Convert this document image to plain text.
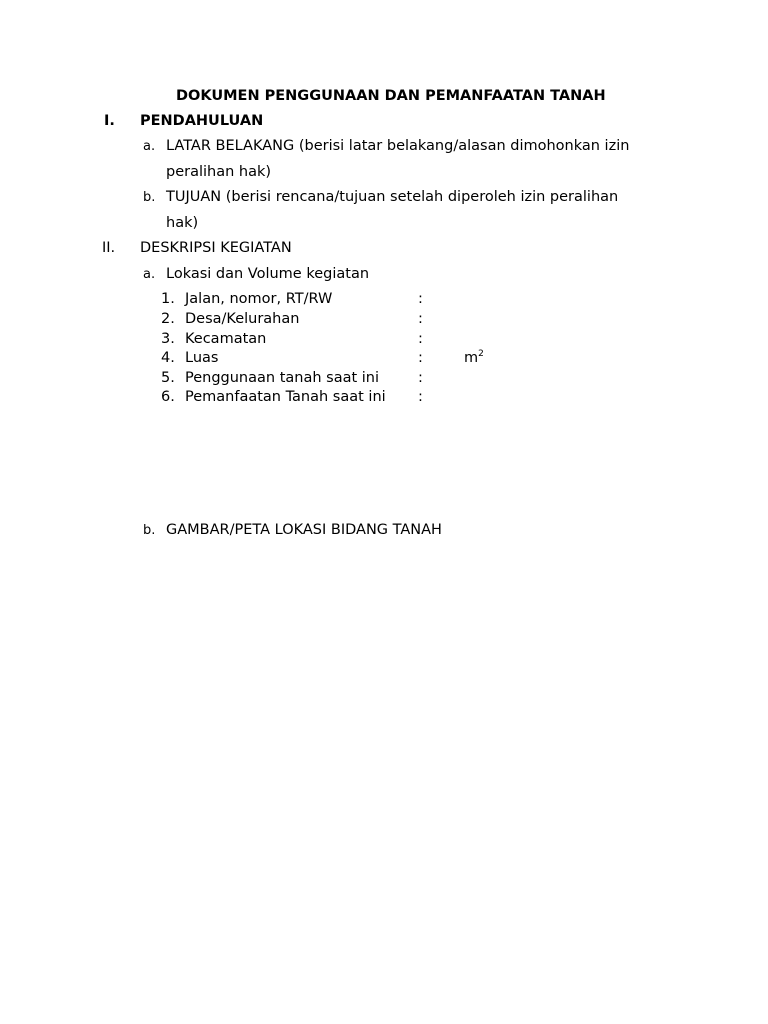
DOKUMEN PENGGUNAAN DAN PEMANFAATAN TANAH
I. PENDAHULUAN
a. LATAR BELAKANG (berisi latar belakang/alasan dimohonkan izin
peralihan hak)
b. TUJUAN (berisi rencana/tujuan setelah diperoleh izin peralihan
hak)
II. DESKRIPSI KEGIATAN
a. Lokasi dan Volume kegiatan
1. Jalan, nomor, RT/RW	:
2. Desa/Kelurahan	:
3. Kecamatan	:
4. Luas	:	$m^2$
5. Penggunaan tanah saat ini	:
6. Pemanfaatan Tanah saat ini :
b. GAMBAR/PETA LOKASI BIDANG TANAH
